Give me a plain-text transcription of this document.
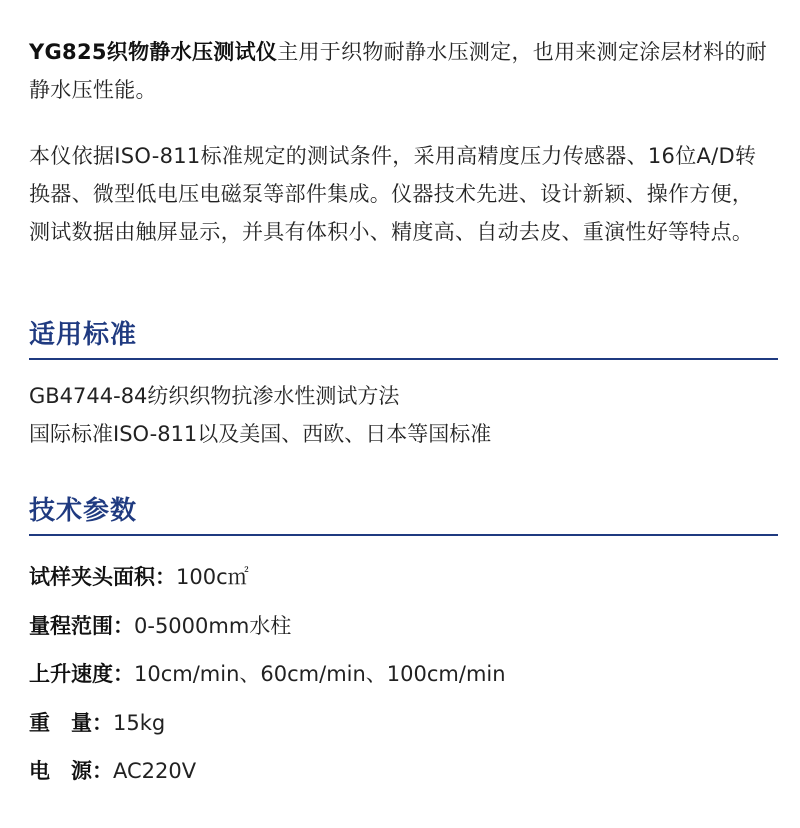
YG825织物静水压测试仪主用于织物耐静水压测定，也用来测定涂层材料的耐静水压性能。

本仪依据ISO-811标准规定的测试条件，采用高精度压力传感器、16位A/D转换器、微型低电压电磁泵等部件集成。仪器技术先进、设计新颖、操作方便，测试数据由触屏显示，并具有体积小、精度高、自动去皮、重演性好等特点。

适用标准
GB4744-84纺织织物抗渗水性测试方法
国际标准ISO-811以及美国、西欧、日本等国标准
技术参数
试样夹头面积：100c㎡
量程范围：0-5000mm水柱
上升速度：10cm/min、60cm/min、100cm/min
重　量：15kg
电　源：AC220V
